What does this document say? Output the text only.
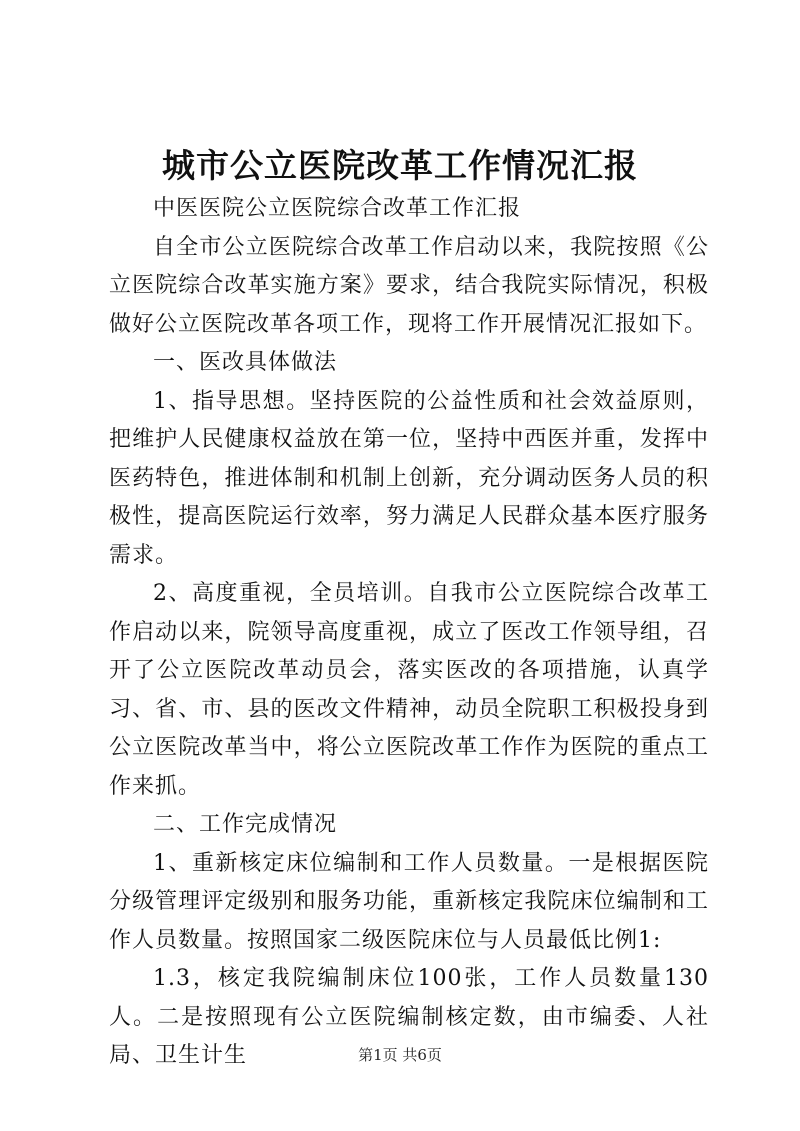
城市公立医院改革工作情况汇报

中医医院公立医院综合改革工作汇报

自全市公立医院综合改革工作启动以来，我院按照《公立医院综合改革实施方案》要求，结合我院实际情况，积极做好公立医院改革各项工作，现将工作开展情况汇报如下。

一、医改具体做法

1、指导思想。坚持医院的公益性质和社会效益原则，把维护人民健康权益放在第一位，坚持中西医并重，发挥中医药特色，推进体制和机制上创新，充分调动医务人员的积极性，提高医院运行效率，努力满足人民群众基本医疗服务需求。

2、高度重视，全员培训。自我市公立医院综合改革工作启动以来，院领导高度重视，成立了医改工作领导组，召开了公立医院改革动员会，落实医改的各项措施，认真学习、省、市、县的医改文件精神，动员全院职工积极投身到公立医院改革当中，将公立医院改革工作作为医院的重点工作来抓。

二、工作完成情况

1、重新核定床位编制和工作人员数量。一是根据医院分级管理评定级别和服务功能，重新核定我院床位编制和工作人员数量。按照国家二级医院床位与人员最低比例1:

1.3，核定我院编制床位100张，工作人员数量130人。二是按照现有公立医院编制核定数，由市编委、人社局、卫生计生	第1页 共6页
